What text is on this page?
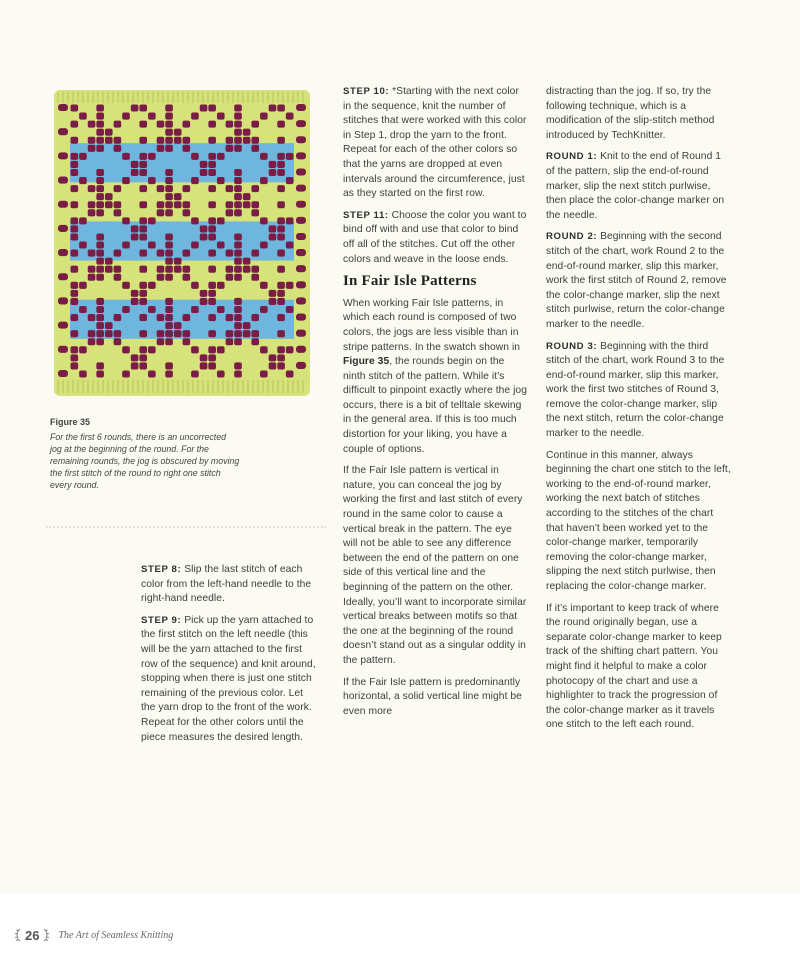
Figure 35
For the first 6 rounds, there is an uncorrected jog at the beginning of the round. For the remaining rounds, the jog is obscured by moving the first stitch of the round to right one stitch every round.

STEP 8: Slip the last stitch of each color from the left-hand needle to the right-hand needle.

STEP 9: Pick up the yarn attached to the first stitch on the left needle (this will be the yarn attached to the first row of the sequence) and knit around, stopping when there is just one stitch remaining of the previous color. Let the yarn drop to the front of the work. Repeat for the other colors until the piece measures the desired length.

STEP 10: *Starting with the next color in the sequence, knit the number of stitches that were worked with this color in Step 1, drop the yarn to the front. Repeat for each of the other colors so that the yarns are dropped at even intervals around the circumference, just as they started on the first row.

STEP 11: Choose the color you want to bind off with and use that color to bind off all of the stitches. Cut off the other colors and weave in the loose ends.

In Fair Isle Patterns

When working Fair Isle patterns, in which each round is composed of two colors, the jogs are less visible than in stripe patterns. In the swatch shown in Figure 35, the rounds begin on the ninth stitch of the pattern. While it’s difficult to pinpoint exactly where the jog occurs, there is a bit of telltale skewing in the general area. If this is too much distortion for your liking, you have a couple of options.

If the Fair Isle pattern is vertical in nature, you can conceal the jog by working the first and last stitch of every round in the same color to cause a vertical break in the pattern. The eye will not be able to see any difference between the end of the pattern on one side of this vertical line and the beginning of the pattern on the other. Ideally, you’ll want to incorporate similar vertical breaks between motifs so that the one at the beginning of the round doesn’t stand out as a singular oddity in the pattern.

If the Fair Isle pattern is predominantly horizontal, a solid vertical line might be even more

distracting than the jog. If so, try the following technique, which is a modification of the slip-stitch method introduced by TechKnitter.

ROUND 1: Knit to the end of Round 1 of the pattern, slip the end-of-round marker, slip the next stitch purlwise, then place the color-change marker on the needle.

ROUND 2: Beginning with the second stitch of the chart, work Round 2 to the end-of-round marker, slip this marker, work the first stitch of Round 2, remove the color-change marker, slip the next stitch purlwise, return the color-change marker to the needle.

ROUND 3: Beginning with the third stitch of the chart, work Round 3 to the end-of-round marker, slip this marker, work the first two stitches of Round 3, remove the color-change marker, slip the next stitch, return the color-change marker to the needle.

Continue in this manner, always beginning the chart one stitch to the left, working to the end-of-round marker, working the next batch of stitches according to the stitches of the chart that haven’t been worked yet to the color-change marker, temporarily removing the color-change marker, slipping the next stitch purlwise, then replacing the color-change marker.

If it’s important to keep track of where the round originally began, use a separate color-change marker to keep track of the shifting chart pattern. You might find it helpful to make a color photocopy of the chart and use a highlighter to track the progression of the color-change marker as it travels one stitch to the left each round.

26 The Art of Seamless Knitting
